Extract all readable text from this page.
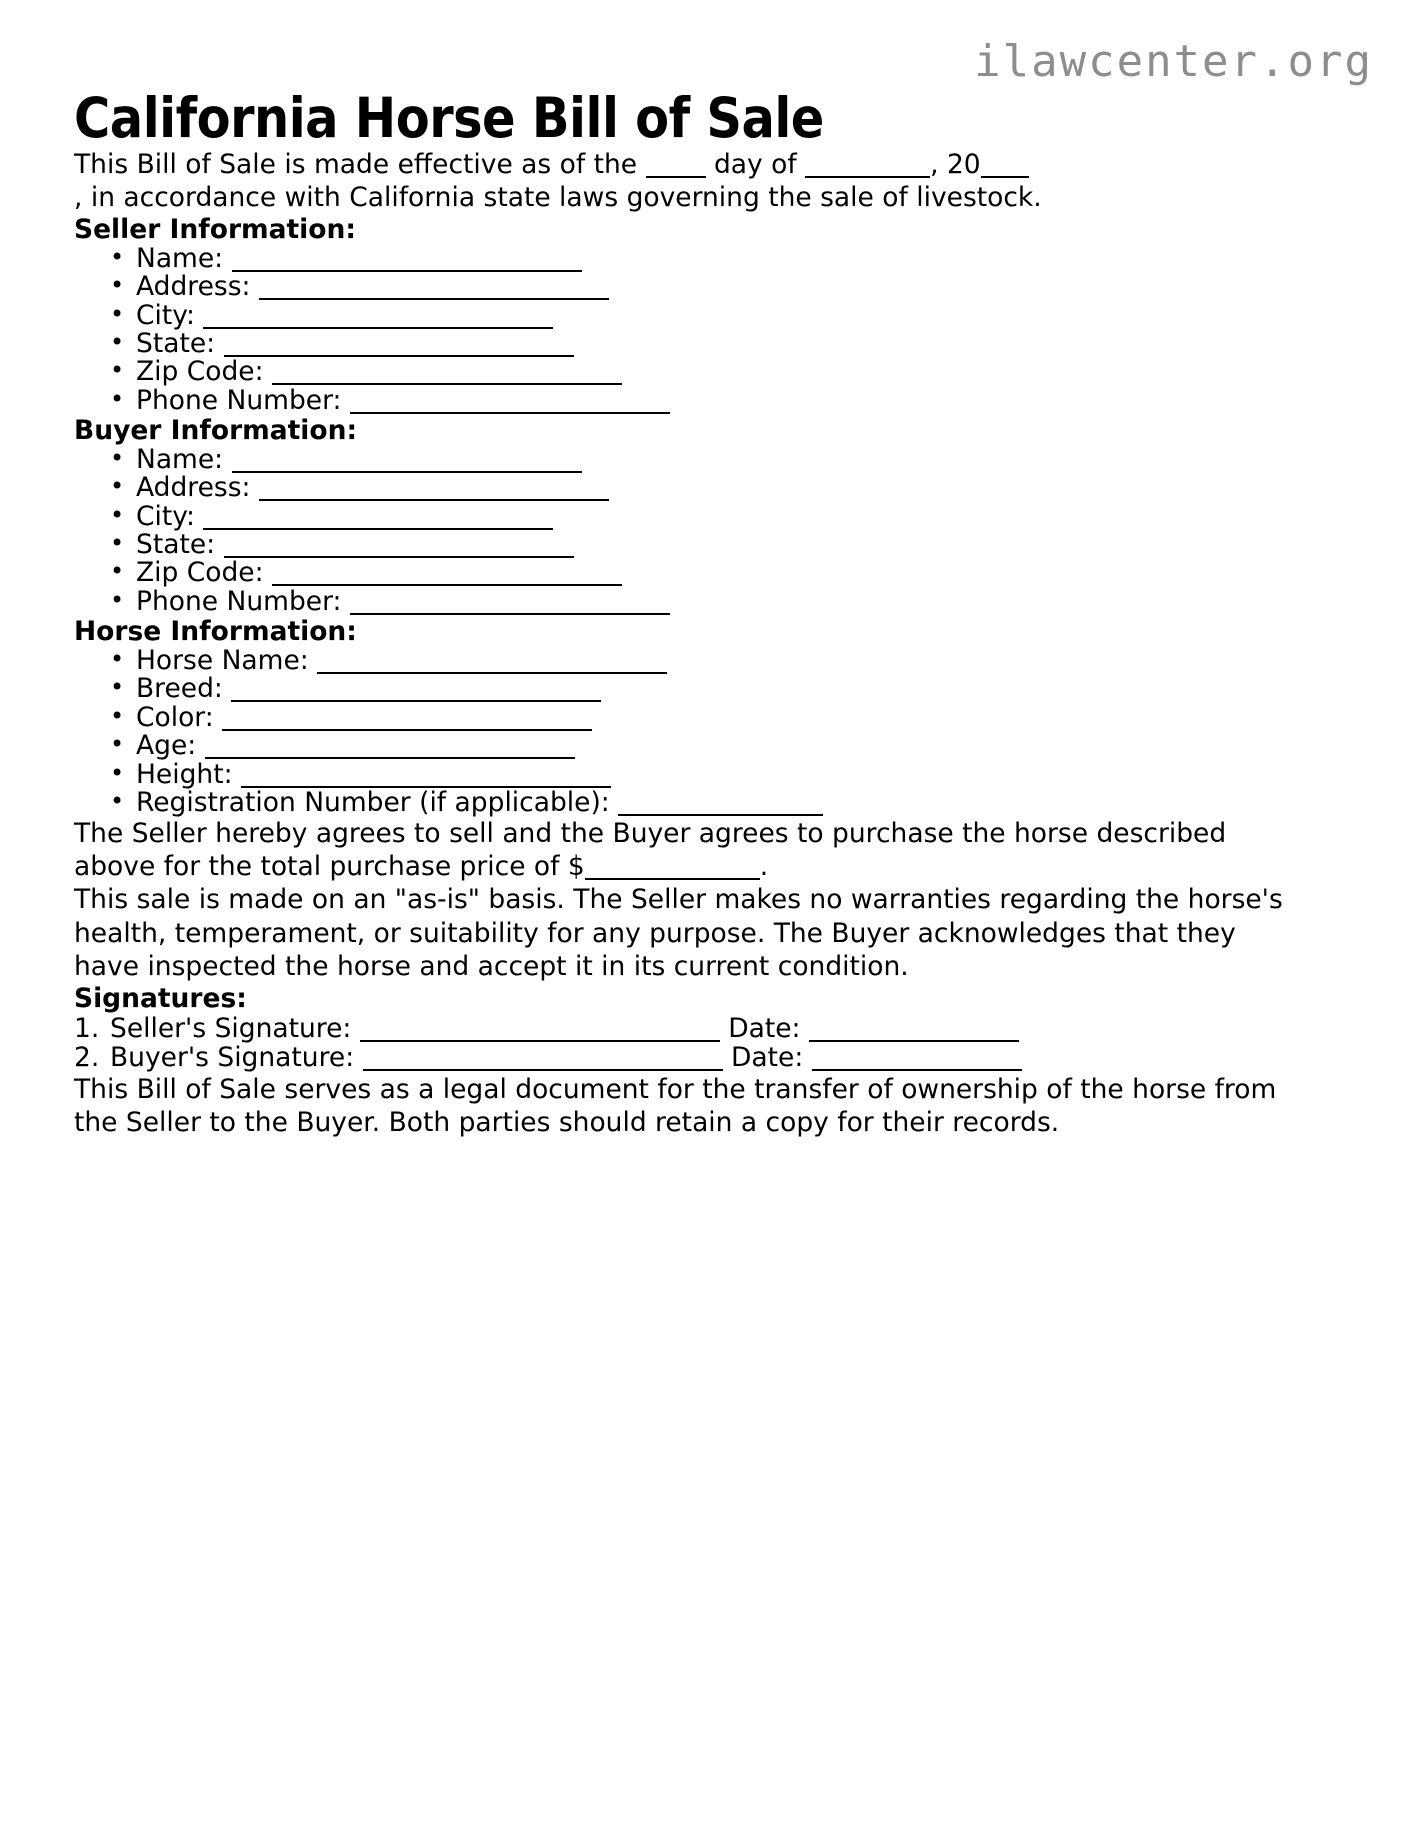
ilawcenter.org
California Horse Bill of Sale

This Bill of Sale is made effective as of the  day of	, 20, in accordance with California state laws governing the sale of livestock.

Seller Information:
• Name:
• Address:
• City:
• State:
• Zip Code:
• Phone Number:
Buyer Information:
• Name:
• Address:
• City:
• State:
• Zip Code:
• Phone Number:
Horse Information:
• Horse Name:
• Breed:
• Color:
• Age:
• Height:
• Registration Number (if applicable):

The Seller hereby agrees to sell and the Buyer agrees to purchase the horse described above for the total purchase price of $	.

This sale is made on an "as-is" basis. The Seller makes no warranties regarding the horse's health, temperament, or suitability for any purpose. The Buyer acknowledges that they have inspected the horse and accept it in its current condition.

Signatures:
Seller's Signature:	Date:
Buyer's Signature:	Date:

This Bill of Sale serves as a legal document for the transfer of ownership of the horse from the Seller to the Buyer. Both parties should retain a copy for their records.
